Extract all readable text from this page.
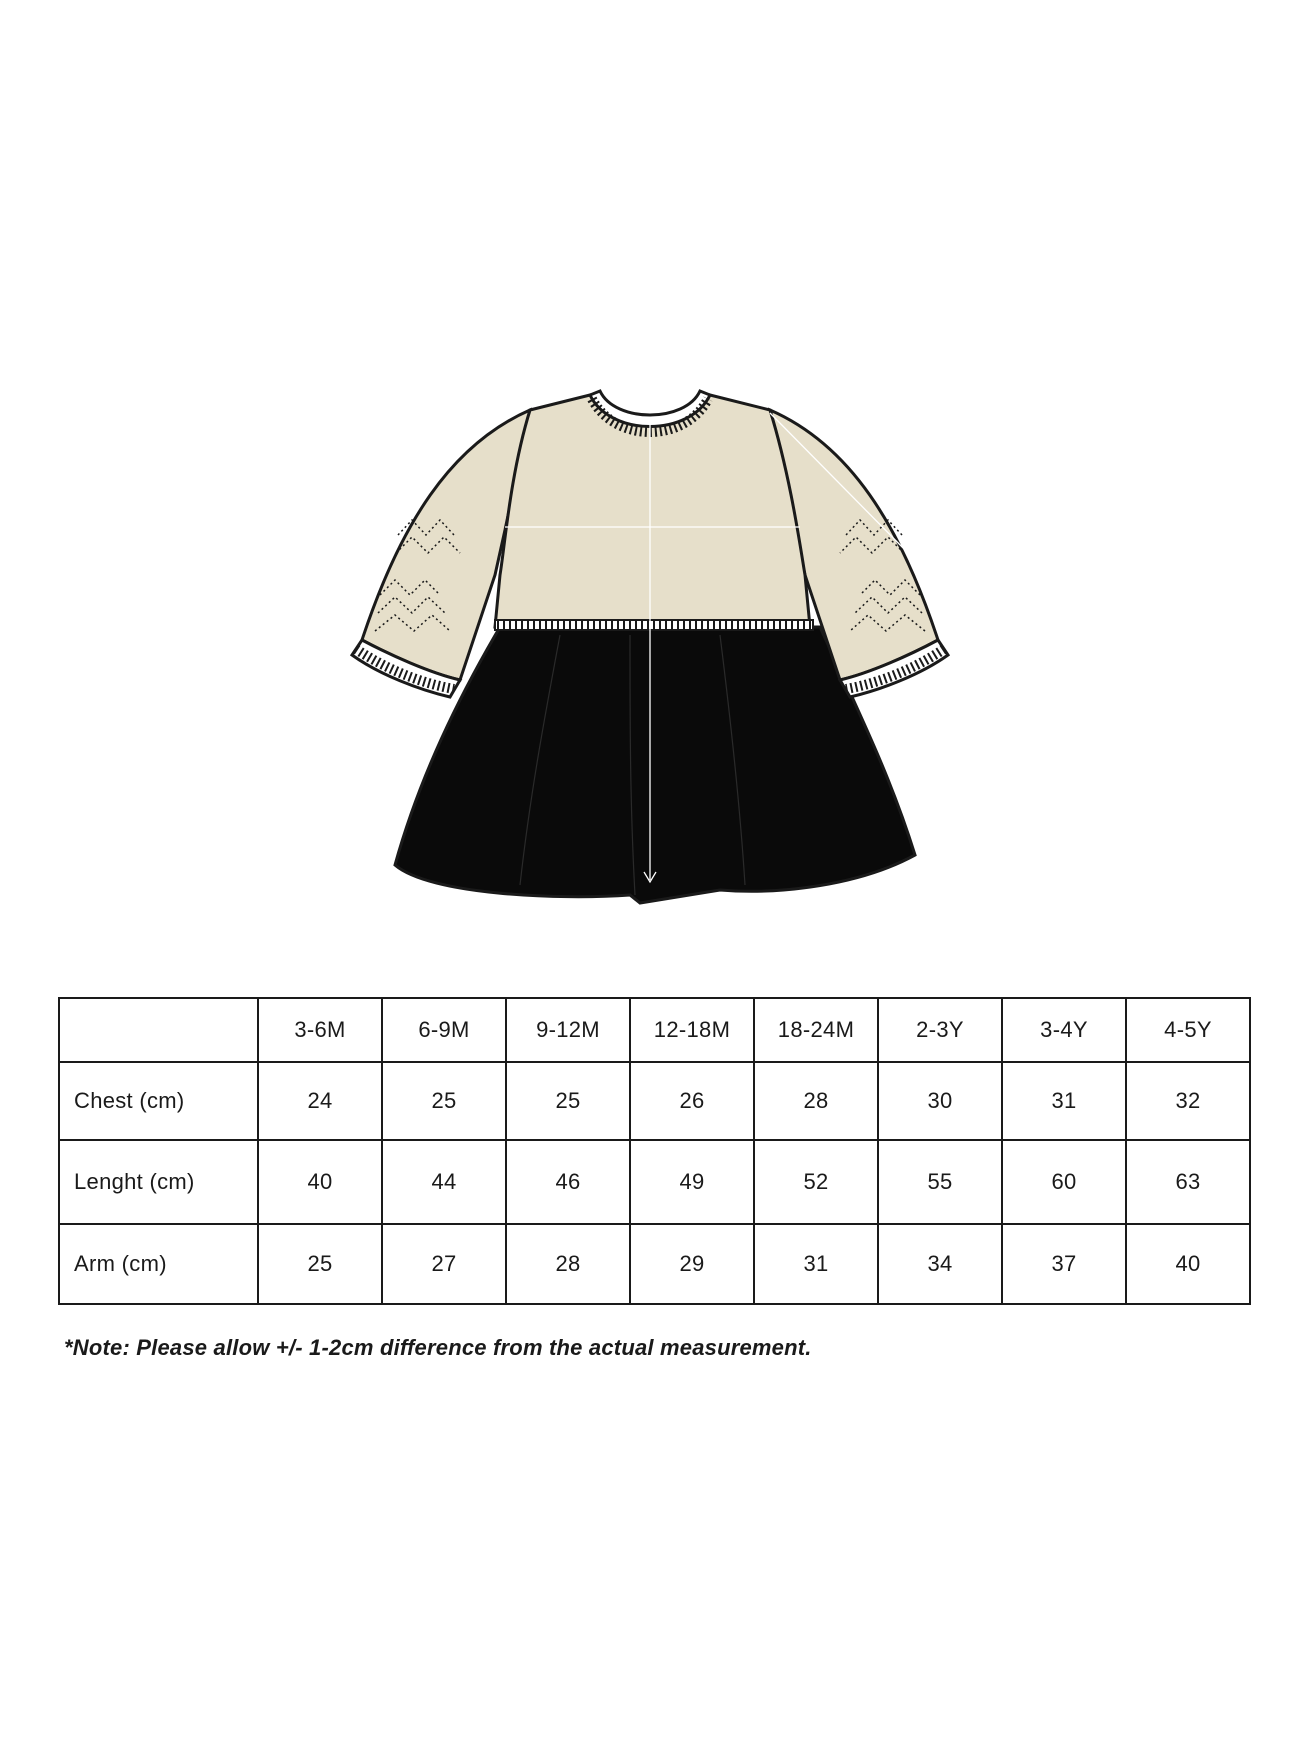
	3-6M	6-9M	9-12M	12-18M	18-24M	2-3Y	3-4Y	4-5Y
Chest (cm)	24	25	25	26	28	30	31	32
Lenght (cm)	40	44	46	49	52	55	60	63
Arm (cm)	25	27	28	29	31	34	37	40
*Note: Please allow +/- 1-2cm difference from the actual measurement.
